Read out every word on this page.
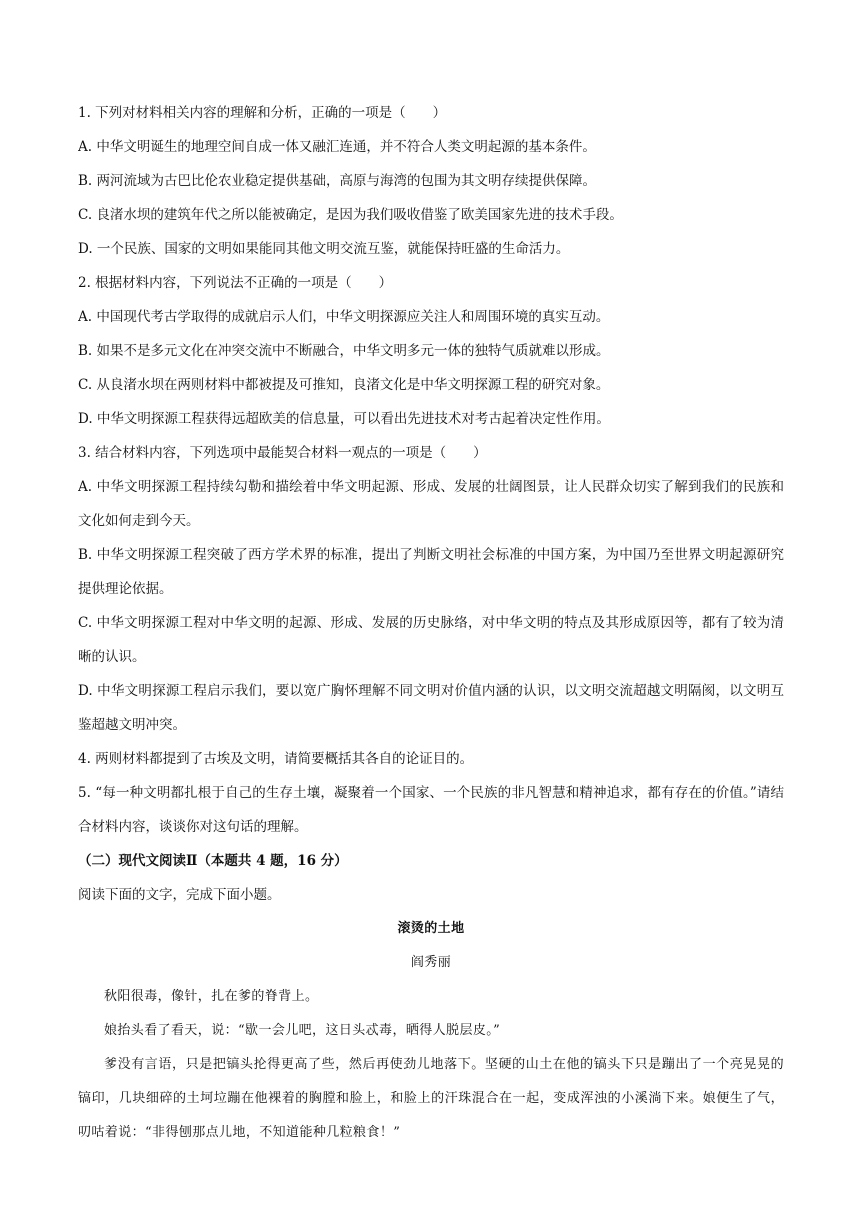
1. 下列对材料相关内容的理解和分析，正确的一项是（　　）
A. 中华文明诞生的地理空间自成一体又融汇连通，并不符合人类文明起源的基本条件。
B. 两河流域为古巴比伦农业稳定提供基础，高原与海湾的包围为其文明存续提供保障。
C. 良渚水坝的建筑年代之所以能被确定，是因为我们吸收借鉴了欧美国家先进的技术手段。
D. 一个民族、国家的文明如果能同其他文明交流互鉴，就能保持旺盛的生命活力。
2. 根据材料内容，下列说法不正确的一项是（　　）
A. 中国现代考古学取得的成就启示人们，中华文明探源应关注人和周围环境的真实互动。
B. 如果不是多元文化在冲突交流中不断融合，中华文明多元一体的独特气质就难以形成。
C. 从良渚水坝在两则材料中都被提及可推知，良渚文化是中华文明探源工程的研究对象。
D. 中华文明探源工程获得远超欧美的信息量，可以看出先进技术对考古起着决定性作用。
3. 结合材料内容，下列选项中最能契合材料一观点的一项是（　　）
A. 中华文明探源工程持续勾勒和描绘着中华文明起源、形成、发展的壮阔图景，让人民群众切实了解到我们的民族和文化如何走到今天。
B. 中华文明探源工程突破了西方学术界的标准，提出了判断文明社会标准的中国方案，为中国乃至世界文明起源研究提供理论依据。
C. 中华文明探源工程对中华文明的起源、形成、发展的历史脉络，对中华文明的特点及其形成原因等，都有了较为清晰的认识。
D. 中华文明探源工程启示我们，要以宽广胸怀理解不同文明对价值内涵的认识，以文明交流超越文明隔阂，以文明互鉴超越文明冲突。
4. 两则材料都提到了古埃及文明，请简要概括其各自的论证目的。
5. “每一种文明都扎根于自己的生存土壤，凝聚着一个国家、一个民族的非凡智慧和精神追求，都有存在的价值。”请结合材料内容，谈谈你对这句话的理解。
（二）现代文阅读Ⅱ（本题共 4 题，16 分）
阅读下面的文字，完成下面小题。
滚烫的土地
阎秀丽
秋阳很毒，像针，扎在爹的脊背上。
娘抬头看了看天，说：“歇一会儿吧，这日头忒毒，晒得人脱层皮。”
爹没有言语，只是把镐头抡得更高了些，然后再使劲儿地落下。坚硬的山土在他的镐头下只是蹦出了一个亮晃晃的镐印，几块细碎的土坷垃蹦在他裸着的胸膛和脸上，和脸上的汗珠混合在一起，变成浑浊的小溪淌下来。娘便生了气，叨咕着说：“非得刨那点儿地，不知道能种几粒粮食！”
